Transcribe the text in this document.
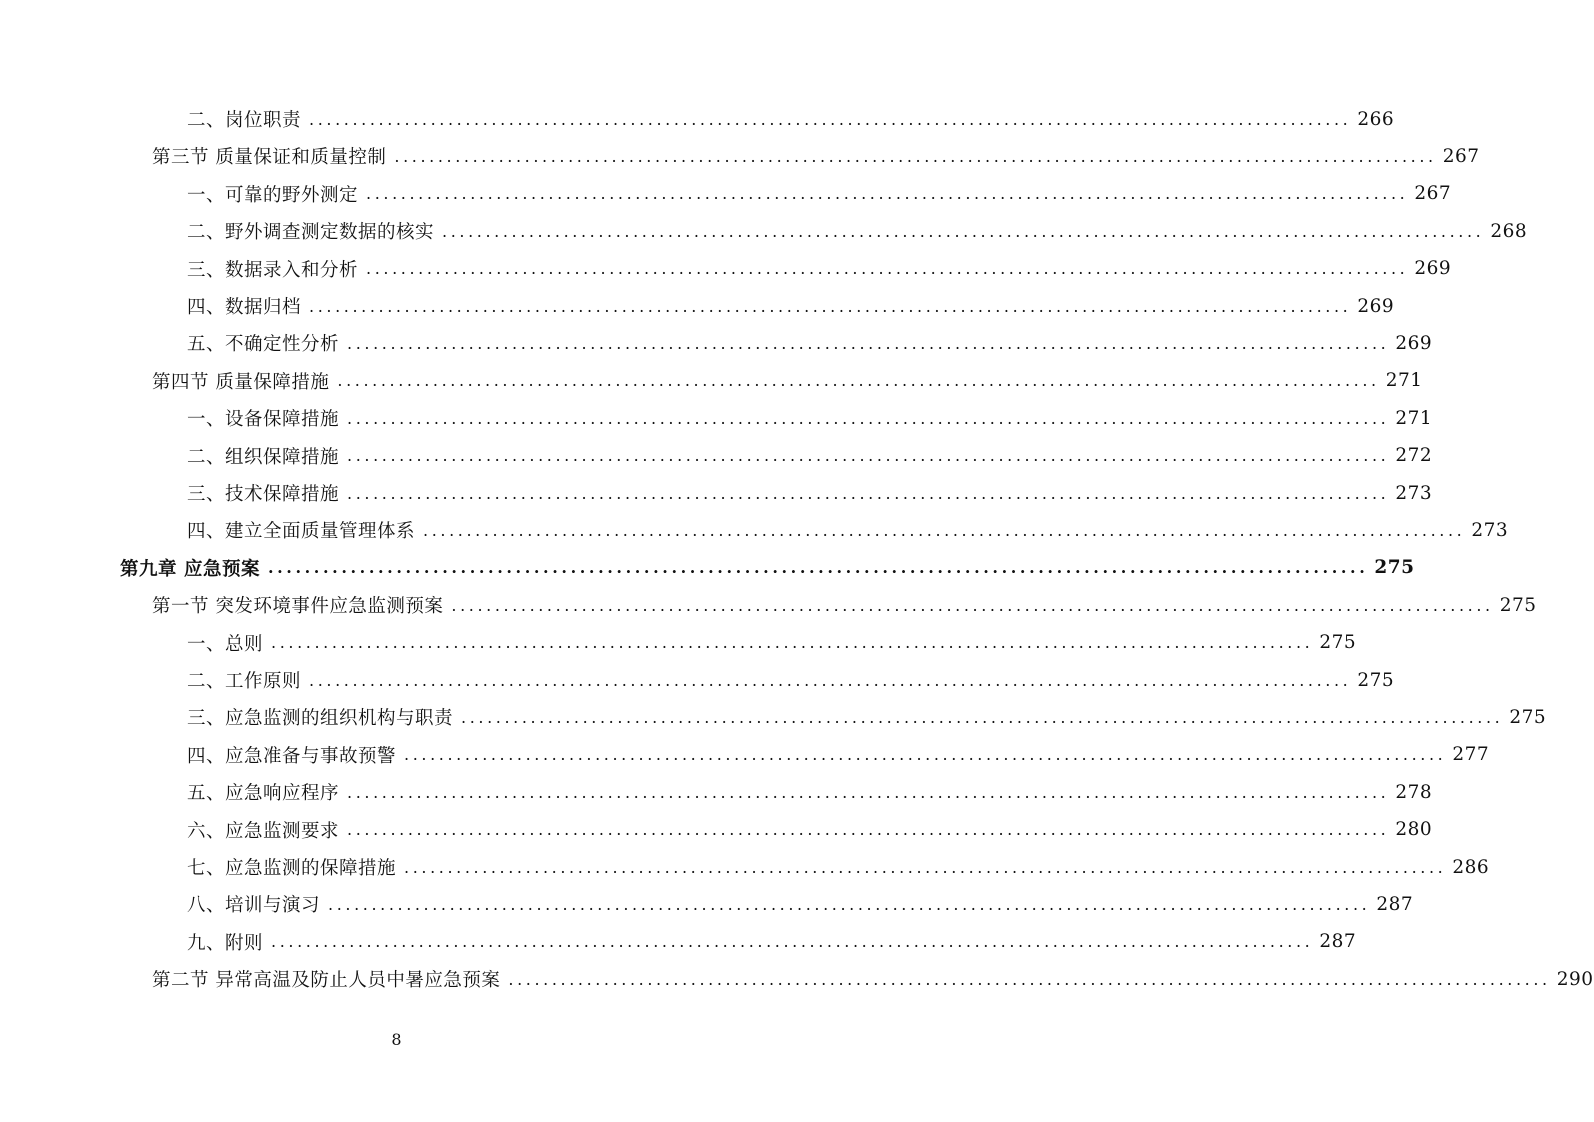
二、岗位职责 ........................................................................................................................ 266
第三节 质量保证和质量控制 ........................................................................................................................ 267
一、可靠的野外测定 ........................................................................................................................ 267
二、野外调查测定数据的核实 ........................................................................................................................ 268
三、数据录入和分析 ........................................................................................................................ 269
四、数据归档 ........................................................................................................................ 269
五、不确定性分析 ........................................................................................................................ 269
第四节 质量保障措施 ........................................................................................................................ 271
一、设备保障措施 ........................................................................................................................ 271
二、组织保障措施 ........................................................................................................................ 272
三、技术保障措施 ........................................................................................................................ 273
四、建立全面质量管理体系 ........................................................................................................................ 273
第九章 应急预案 ........................................................................................................................ 275
第一节 突发环境事件应急监测预案 ........................................................................................................................ 275
一、总则 ........................................................................................................................ 275
二、工作原则 ........................................................................................................................ 275
三、应急监测的组织机构与职责 ........................................................................................................................ 275
四、应急准备与事故预警 ........................................................................................................................ 277
五、应急响应程序 ........................................................................................................................ 278
六、应急监测要求 ........................................................................................................................ 280
七、应急监测的保障措施 ........................................................................................................................ 286
八、培训与演习 ........................................................................................................................ 287
九、附则 ........................................................................................................................ 287
第二节 异常高温及防止人员中暑应急预案 ........................................................................................................................ 290
8
